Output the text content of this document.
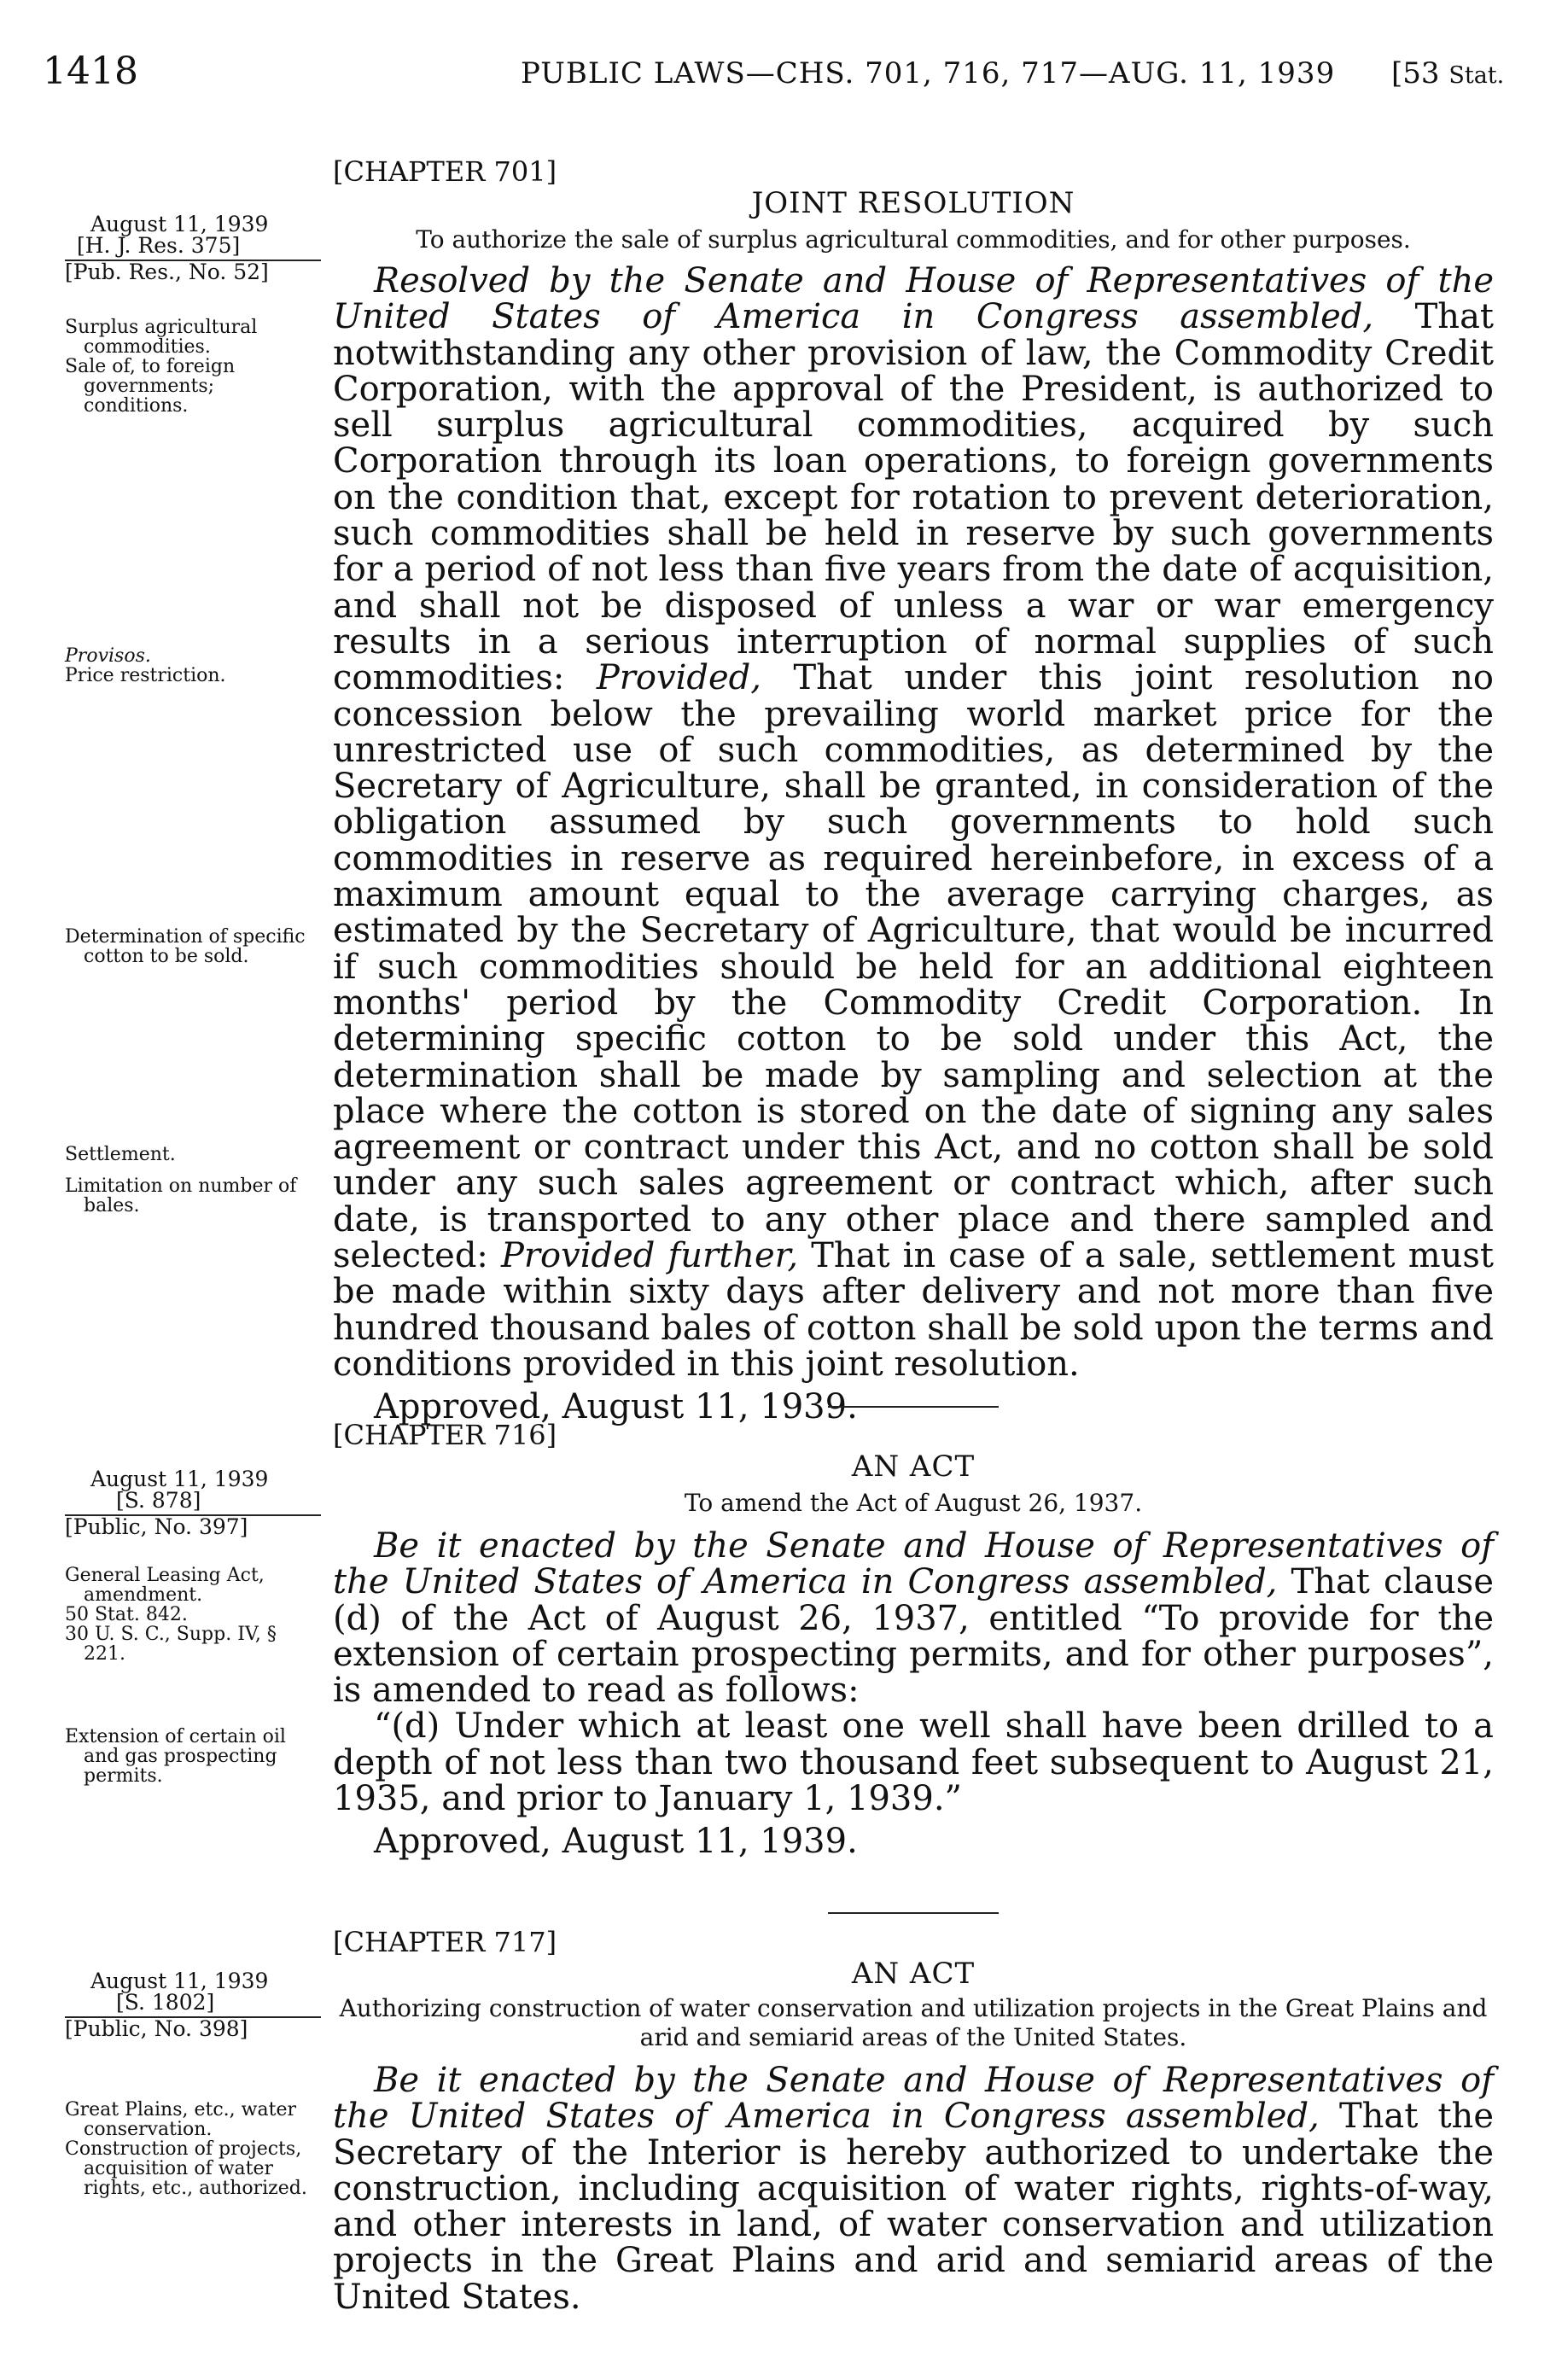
1418	PUBLIC LAWS—CHS. 701, 716, 717—AUG. 11, 1939 [53 Stat.

August 11, 1939

[H. J. Res. 375]

[Pub. Res., No. 52]

Surplus agricultural commodities.

Sale of, to foreign governments; conditions.

Provisos.

Price restriction.

Determination of specific cotton to be sold.

Settlement.

Limitation on number of bales.

[CHAPTER 701]
JOINT RESOLUTION
To authorize the sale of surplus agricultural commodities, and for other purposes.

Resolved by the Senate and House of Representatives of the United States of America in Congress assembled, That notwithstanding any other provision of law, the Commodity Credit Corporation, with the approval of the President, is authorized to sell surplus agricultural commodities, acquired by such Corporation through its loan operations, to foreign governments on the condition that, except for rotation to prevent deterioration, such commodities shall be held in reserve by such governments for a period of not less than five years from the date of acquisition, and shall not be disposed of unless a war or war emergency results in a serious interruption of normal supplies of such commodities: Provided, That under this joint resolution no concession below the prevailing world market price for the unrestricted use of such commodities, as determined by the Secretary of Agriculture, shall be granted, in consideration of the obligation assumed by such governments to hold such commodities in reserve as required hereinbefore, in excess of a maximum amount equal to the average carrying charges, as estimated by the Secretary of Agriculture, that would be incurred if such commodities should be held for an additional eighteen months' period by the Commodity Credit Corporation. In determining specific cotton to be sold under this Act, the determination shall be made by sampling and selection at the place where the cotton is stored on the date of signing any sales agreement or contract under this Act, and no cotton shall be sold under any such sales agreement or contract which, after such date, is transported to any other place and there sampled and selected: Provided further, That in case of a sale, settlement must be made within sixty days after delivery and not more than five hundred thousand bales of cotton shall be sold upon the terms and conditions provided in this joint resolution.

Approved, August 11, 1939.

August 11, 1939

[S. 878]

[Public, No. 397]

General Leasing Act, amendment.

50 Stat. 842.

30 U. S. C., Supp. IV, § 221.

Extension of certain oil and gas prospecting permits.

[CHAPTER 716]
AN ACT
To amend the Act of August 26, 1937.

Be it enacted by the Senate and House of Representatives of the United States of America in Congress assembled, That clause (d) of the Act of August 26, 1937, entitled “To provide for the extension of certain prospecting permits, and for other purposes”, is amended to read as follows:

“(d) Under which at least one well shall have been drilled to a depth of not less than two thousand feet subsequent to August 21, 1935, and prior to January 1, 1939.”

Approved, August 11, 1939.

August 11, 1939

[S. 1802]

[Public, No. 398]

Great Plains, etc., water conservation.

Construction of projects, acquisition of water rights, etc., authorized.

[CHAPTER 717]
AN ACT
Authorizing construction of water conservation and utilization projects in the Great Plains and arid and semiarid areas of the United States.

Be it enacted by the Senate and House of Representatives of the United States of America in Congress assembled, That the Secretary of the Interior is hereby authorized to undertake the construction, including acquisition of water rights, rights-of-way, and other interests in land, of water conservation and utilization projects in the Great Plains and arid and semiarid areas of the United States.
